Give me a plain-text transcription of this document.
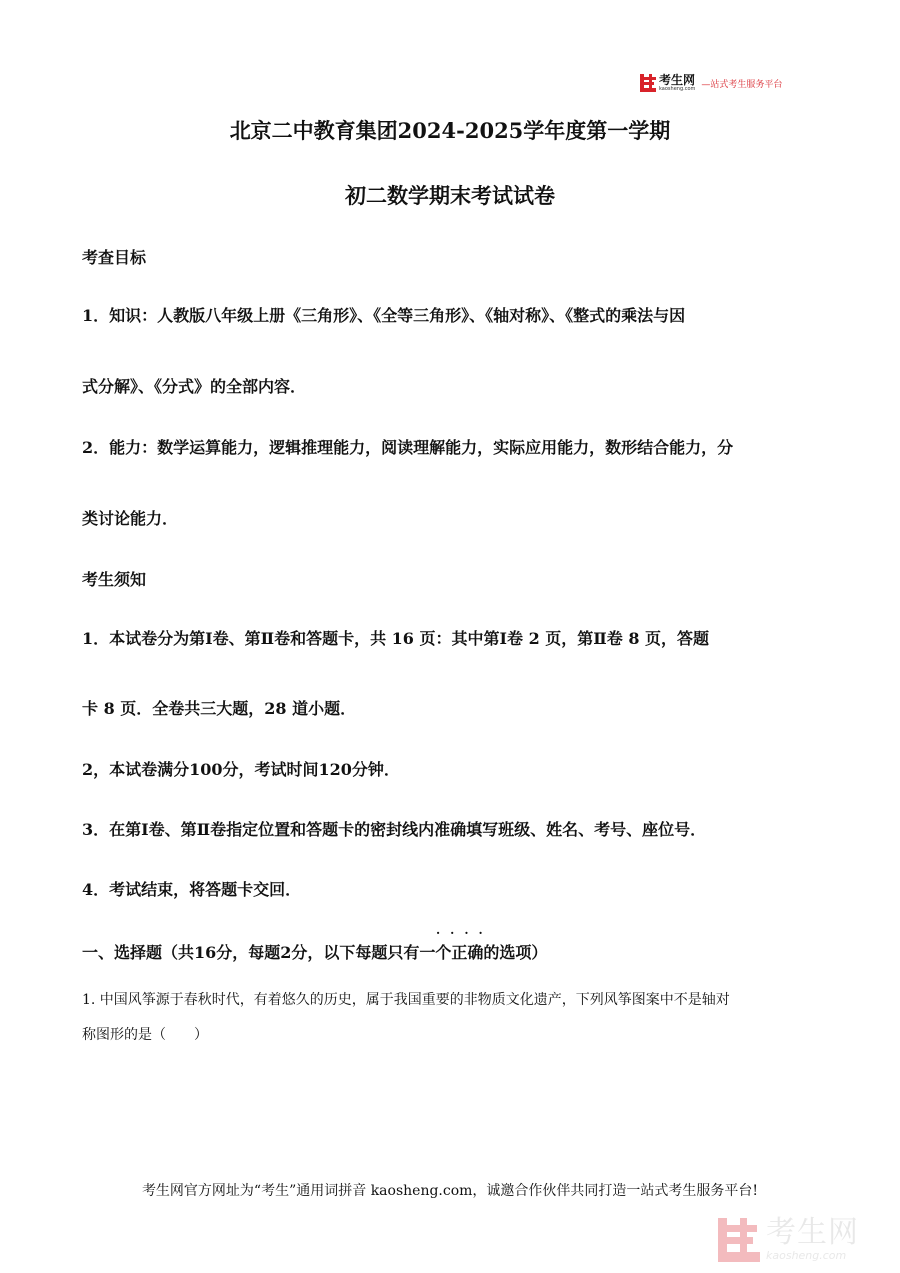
考生网
kaosheng.com —站式考生服务平台
北京二中教育集团2024-2025学年度第一学期
初二数学期末考试试卷
考查目标
1．知识：人教版八年级上册《三角形》、《全等三角形》、《轴对称》、《整式的乘法与因
式分解》、《分式》的全部内容．
2．能力：数学运算能力，逻辑推理能力，阅读理解能力，实际应用能力，数形结合能力，分
类讨论能力．
考生须知
1．本试卷分为第Ⅰ卷、第Ⅱ卷和答题卡，共 16 页：其中第Ⅰ卷 2 页，第Ⅱ卷 8 页，答题
卡 8 页．全卷共三大题，28 道小题．
2，本试卷满分100分，考试时间120分钟．
3．在第Ⅰ卷、第Ⅱ卷指定位置和答题卡的密封线内准确填写班级、姓名、考号、座位号．
4．考试结束，将答题卡交回．
····
一、选择题（共16分，每题2分，以下每题只有一个正确的选项）
1. 中国风筝源于春秋时代，有着悠久的历史，属于我国重要的非物质文化遗产，下列风筝图案中不是轴对
称图形的是（　　）
考生网官方网址为“考生”通用词拼音 kaosheng.com，诚邀合作伙伴共同打造一站式考生服务平台!
考生网
kaosheng.com
